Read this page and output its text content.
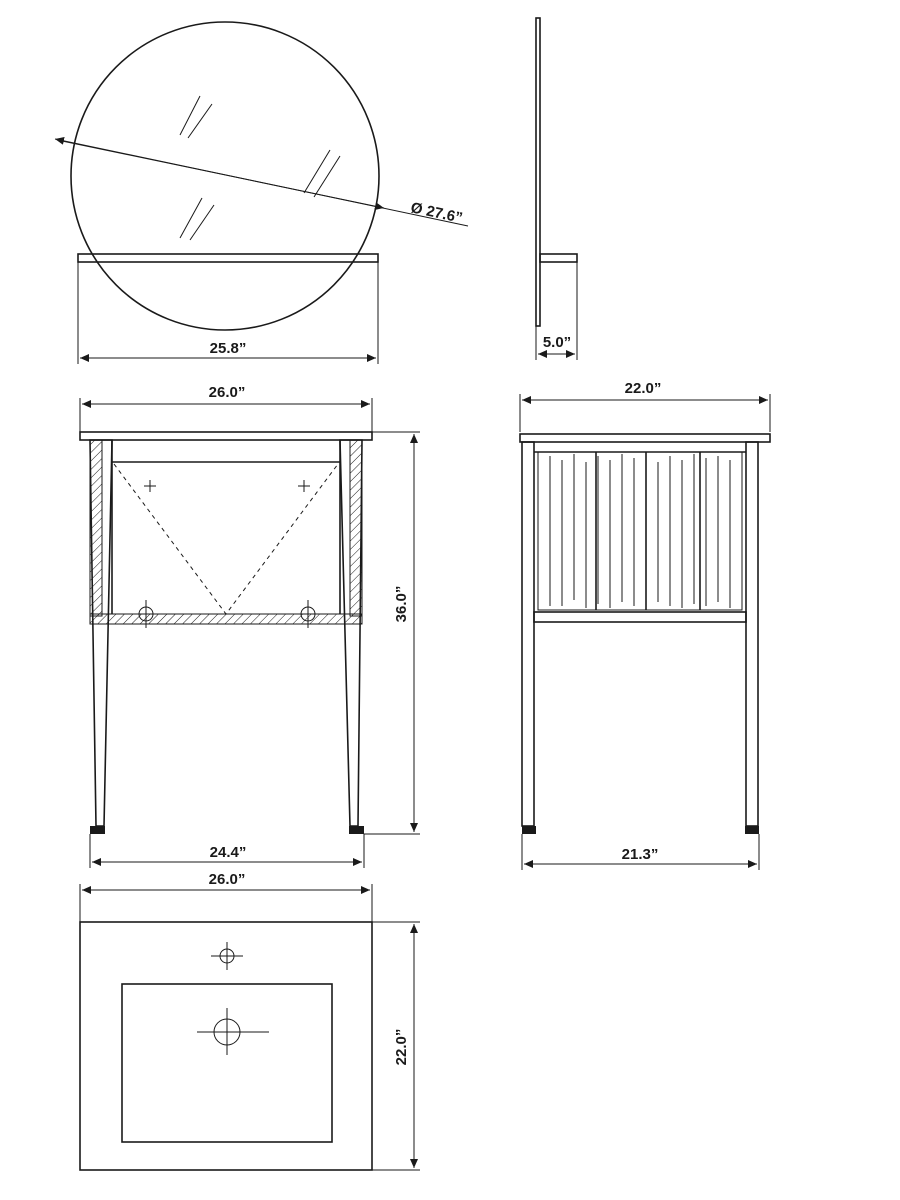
Ø 27.6”
25.8”	5.0”
26.0”
36.0”
24.4”
22.0”
21.3”
26.0”
22.0”
